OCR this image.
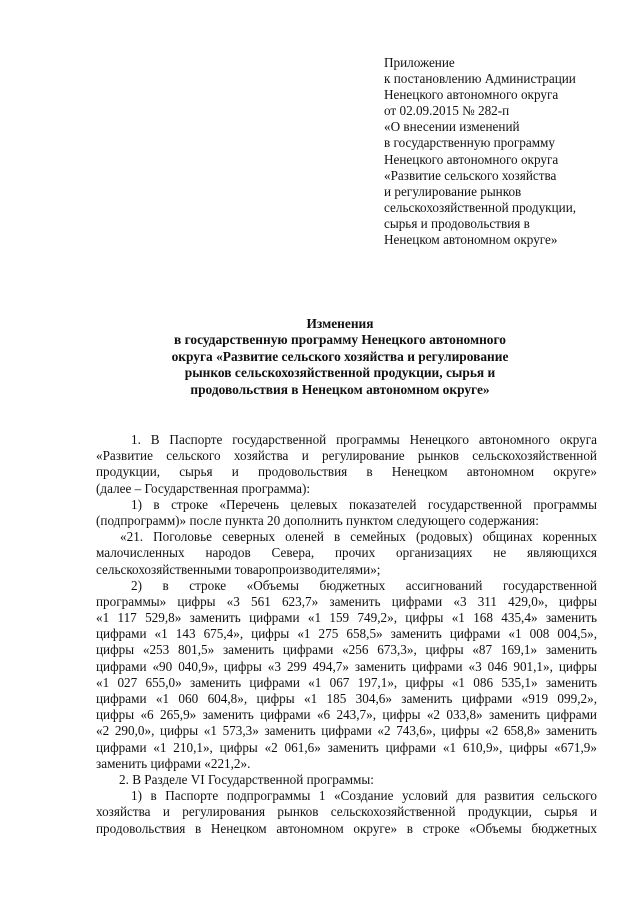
Приложение
к постановлению Администрации
Ненецкого автономного округа
от 02.09.2015 № 282-п
«О внесении изменений
в государственную программу
Ненецкого автономного округа
«Развитие сельского хозяйства
и регулирование рынков
сельскохозяйственной продукции,
сырья и продовольствия в
Ненецком автономном округе»
Изменения
в государственную программу Ненецкого автономного
округа «Развитие сельского хозяйства и регулирование
рынков сельскохозяйственной продукции, сырья и
продовольствия в Ненецком автономном округе»
1. В Паспорте государственной программы Ненецкого автономного округа
«Развитие сельского хозяйства и регулирование рынков сельскохозяйственной
продукции, сырья и продовольствия в Ненецком автономном округе»
(далее – Государственная программа):
1) в строке «Перечень целевых показателей государственной программы
(подпрограмм)» после пункта 20 дополнить пунктом следующего содержания:
«21. Поголовье северных оленей в семейных (родовых) общинах коренных
малочисленных народов Севера, прочих организациях не являющихся
сельскохозяйственными товаропроизводителями»;
2) в строке «Объемы бюджетных ассигнований государственной
программы» цифры «3 561 623,7» заменить цифрами «3 311 429,0», цифры
«1 117 529,8» заменить цифрами «1 159 749,2», цифры «1 168 435,4» заменить
цифрами «1 143 675,4», цифры «1 275 658,5» заменить цифрами «1 008 004,5»,
цифры «253 801,5» заменить цифрами «256 673,3», цифры «87 169,1» заменить
цифрами «90 040,9», цифры «3 299 494,7» заменить цифрами «3 046 901,1», цифры
«1 027 655,0» заменить цифрами «1 067 197,1», цифры «1 086 535,1» заменить
цифрами «1 060 604,8», цифры «1 185 304,6» заменить цифрами «919 099,2»,
цифры «6 265,9» заменить цифрами «6 243,7», цифры «2 033,8» заменить цифрами
«2 290,0», цифры «1 573,3» заменить цифрами «2 743,6», цифры «2 658,8» заменить
цифрами «1 210,1», цифры «2 061,6» заменить цифрами «1 610,9», цифры «671,9»
заменить цифрами «221,2».
2. В Разделе VI Государственной программы:
1) в Паспорте подпрограммы 1 «Создание условий для развития сельского
хозяйства и регулирования рынков сельскохозяйственной продукции, сырья и
продовольствия в Ненецком автономном округе» в строке «Объемы бюджетных
